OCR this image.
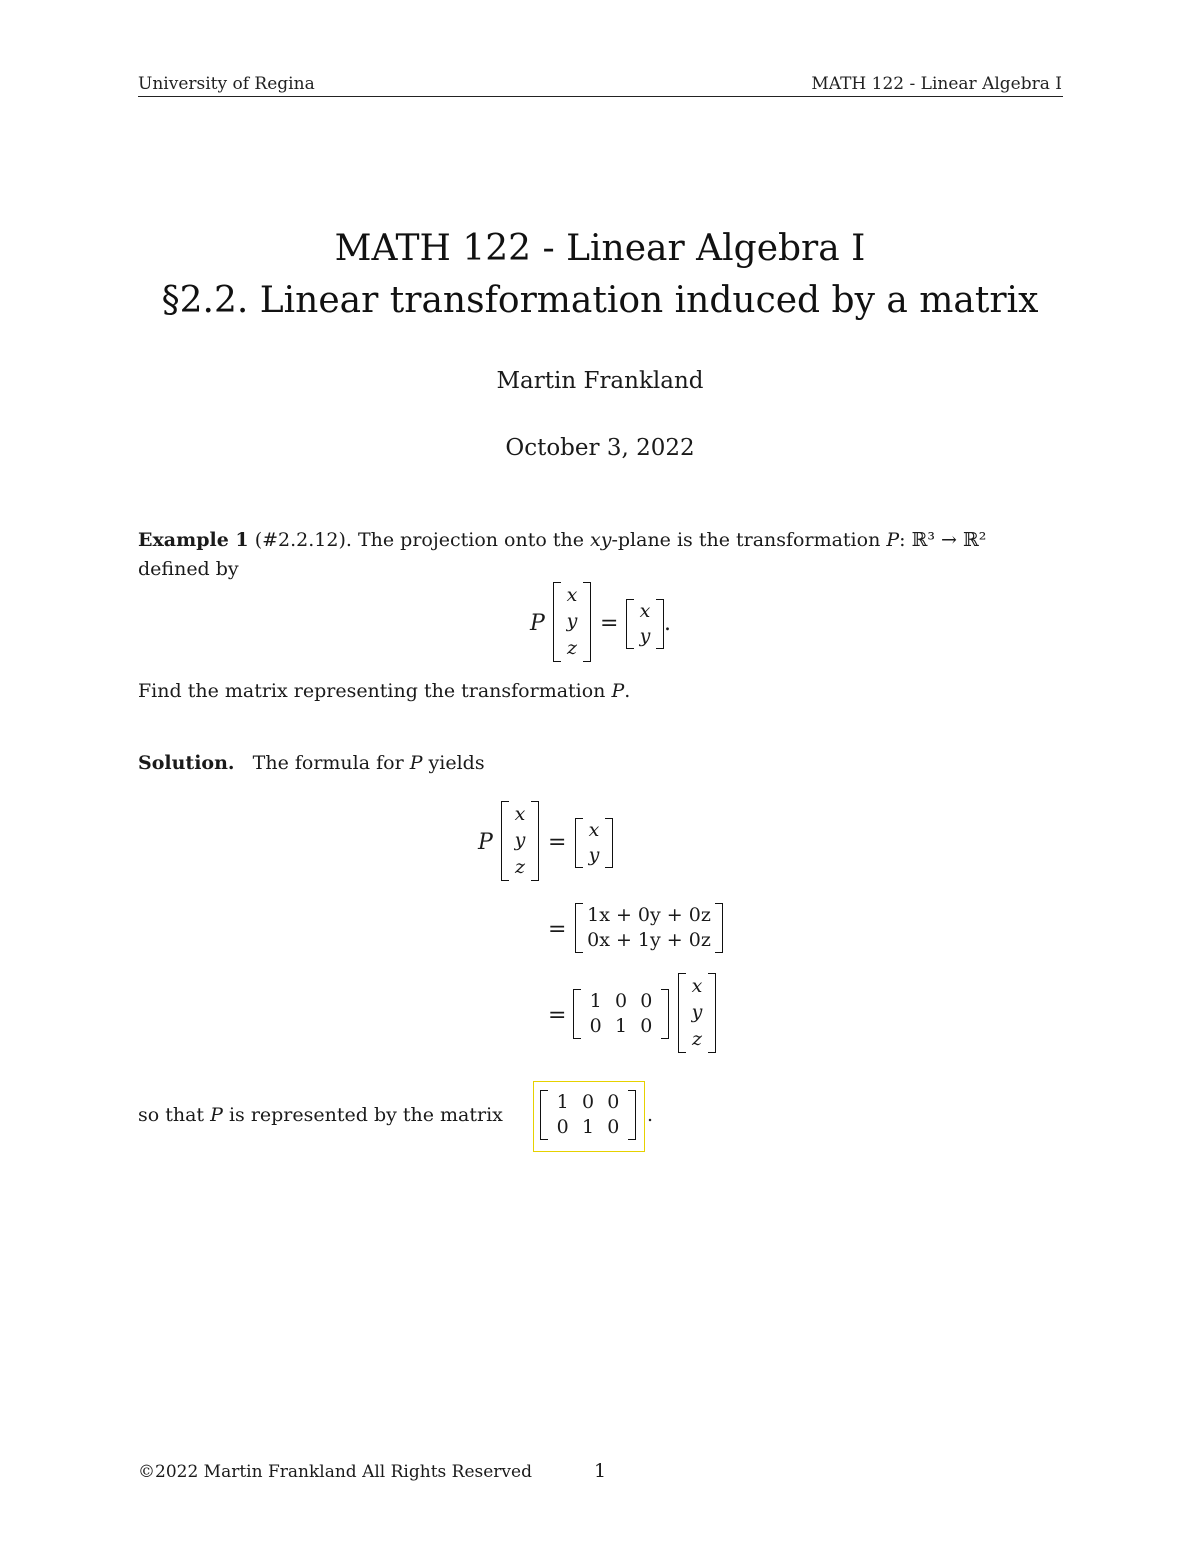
University of Regina	MATH 122 - Linear Algebra I
MATH 122 - Linear Algebra I
§2.2. Linear transformation induced by a matrix
Martin Frankland
October 3, 2022
Example 1 (#2.2.12). The projection onto the xy-plane is the transformation P: ℝ³ → ℝ²
defined by
P
x
y
z
= x
y .
Find the matrix representing the transformation P.
Solution. The formula for P yields
P
x
y
z
= x
y
=
1x + 0y + 0z
0x + 1y + 0z
=
1 0 0
0 1 0
x
y
z
so that P is represented by the matrix
1 0 0
0 1 0
.
©2022 Martin Frankland All Rights Reserved	1
